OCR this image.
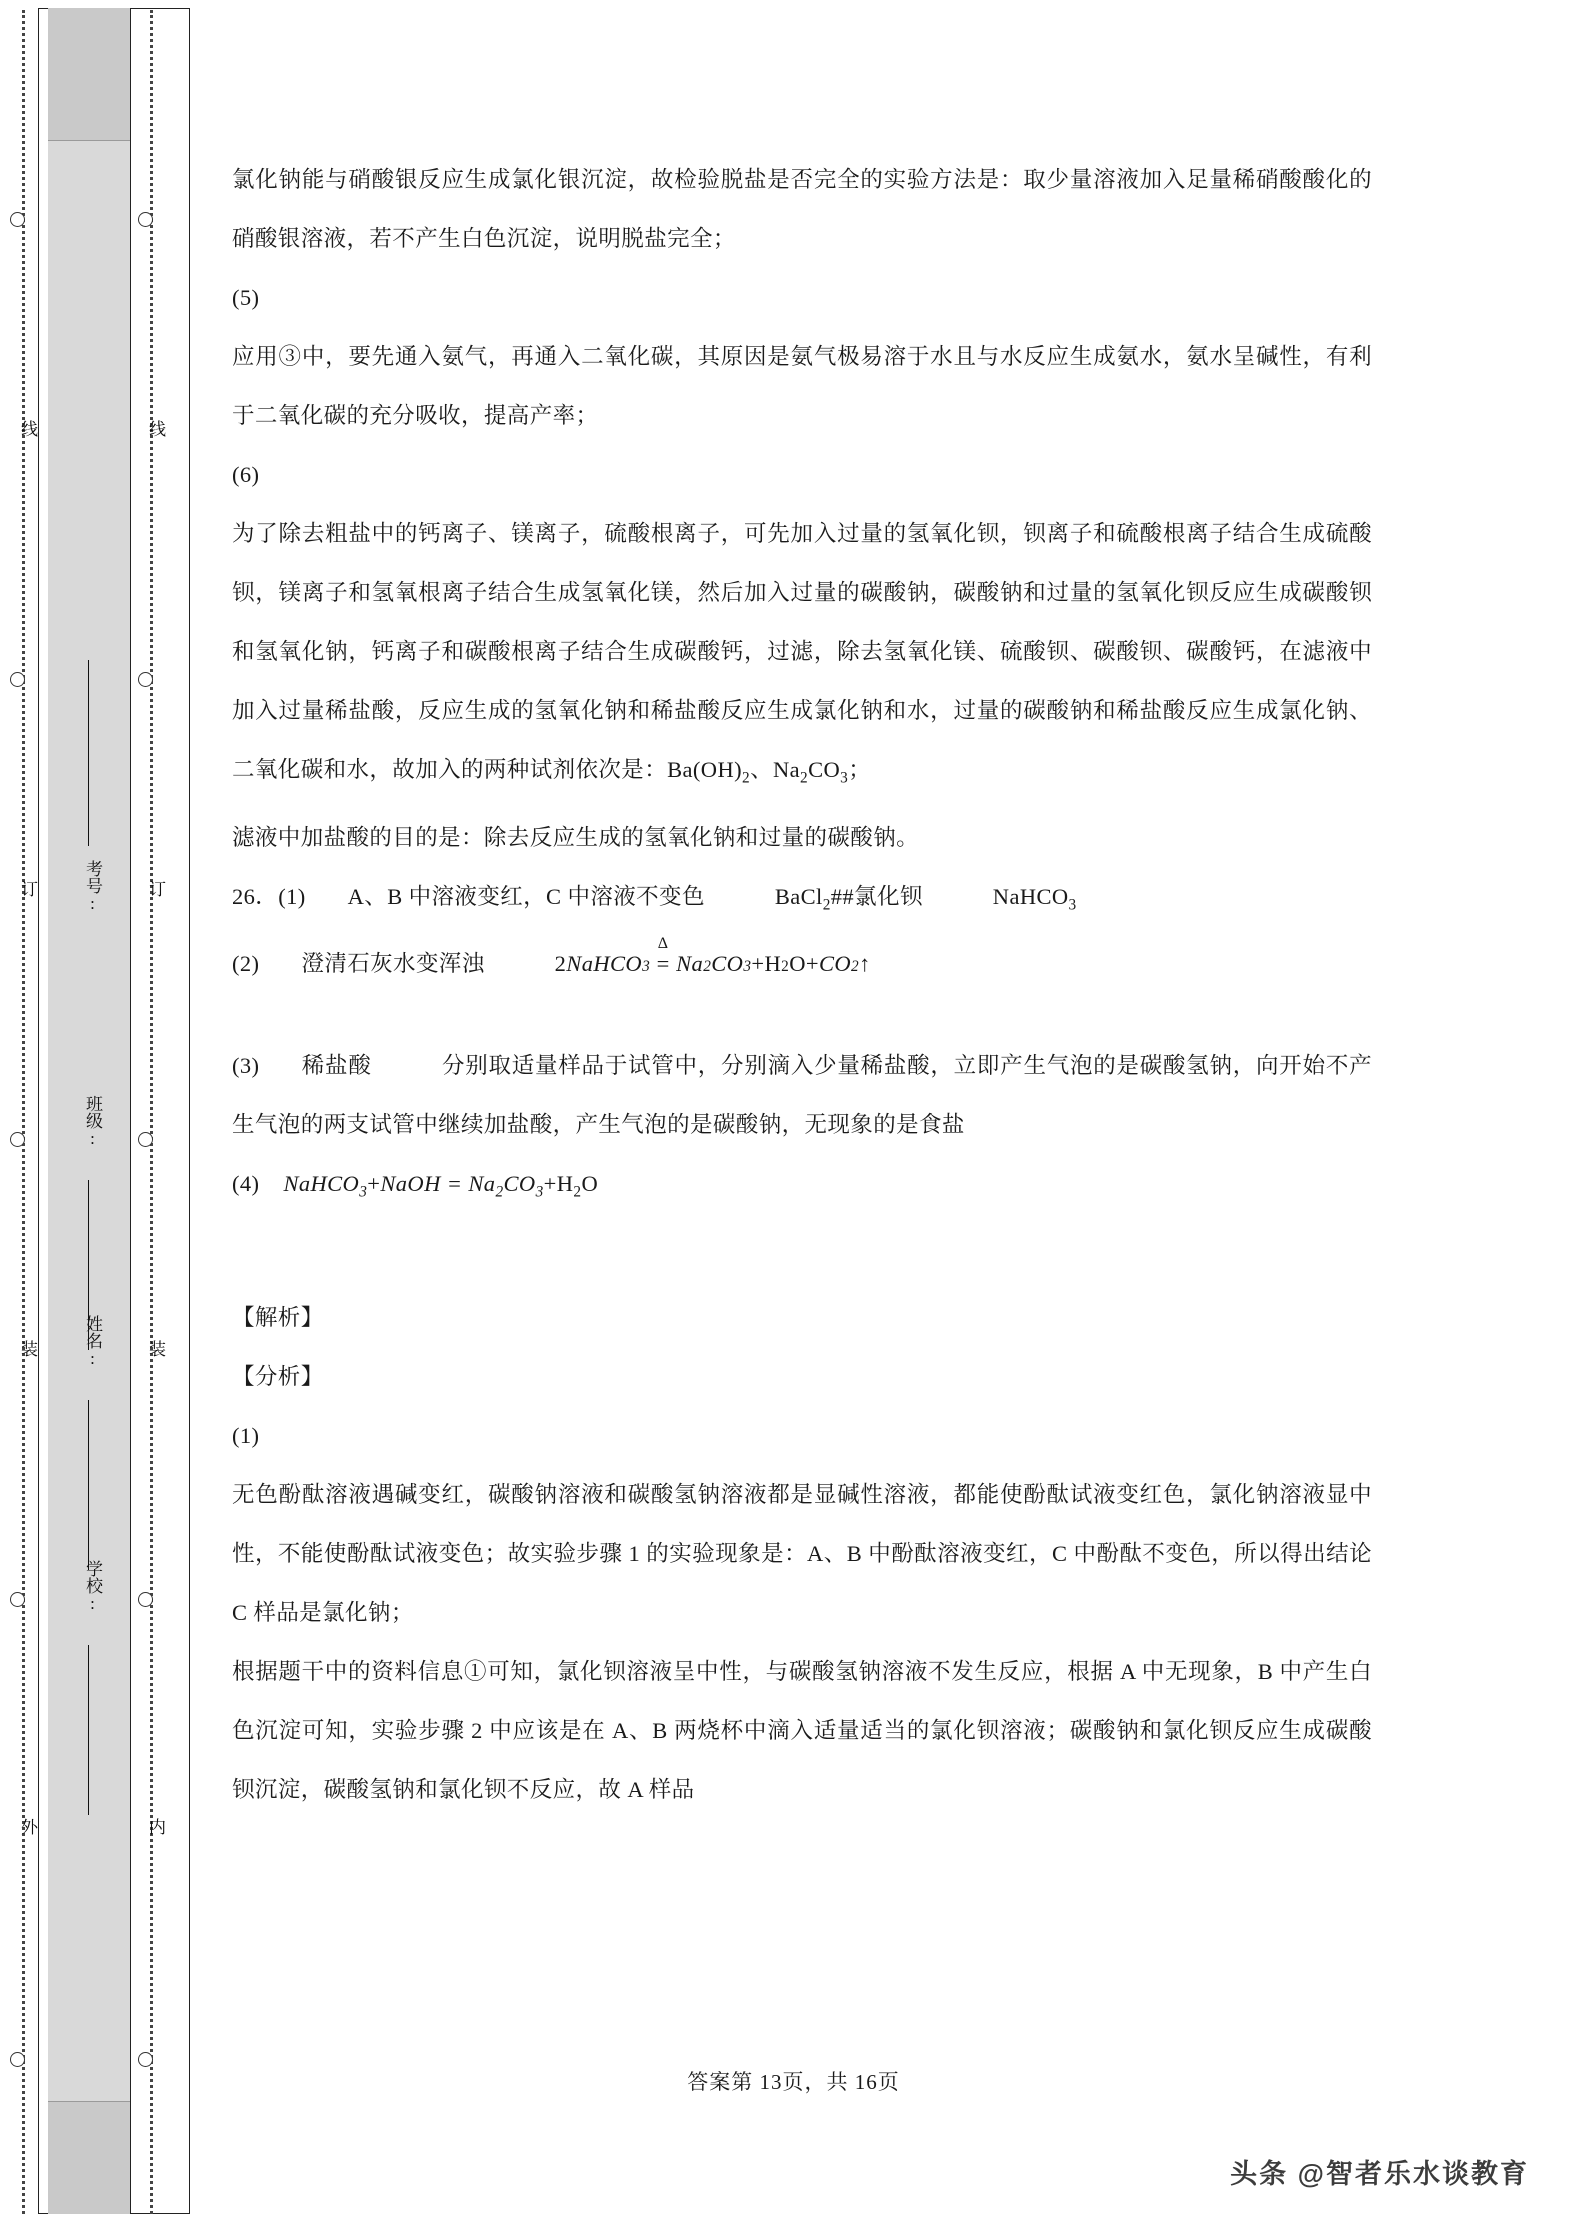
线
订
装
外
线
订
装
内
考号:
班级:
姓名:
学校:

氯化钠能与硝酸银反应生成氯化银沉淀，故检验脱盐是否完全的实验方法是：取少量溶液加入足量稀硝酸酸化的硝酸银溶液，若不产生白色沉淀，说明脱盐完全；

(5)

应用③中，要先通入氨气，再通入二氧化碳，其原因是氨气极易溶于水且与水反应生成氨水，氨水呈碱性，有利于二氧化碳的充分吸收，提高产率；

(6)

为了除去粗盐中的钙离子、镁离子，硫酸根离子，可先加入过量的氢氧化钡，钡离子和硫酸根离子结合生成硫酸钡，镁离子和氢氧根离子结合生成氢氧化镁，然后加入过量的碳酸钠，碳酸钠和过量的氢氧化钡反应生成碳酸钡和氢氧化钠，钙离子和碳酸根离子结合生成碳酸钙，过滤，除去氢氧化镁、硫酸钡、碳酸钡、碳酸钙，在滤液中加入过量稀盐酸，反应生成的氢氧化钠和稀盐酸反应生成氯化钠和水，过量的碳酸钠和稀盐酸反应生成氯化钠、二氧化碳和水，故加入的两种试剂依次是：$Ba(OH)_2$、$Na_2CO_3$；

滤液中加盐酸的目的是：除去反应生成的氢氧化钠和过量的碳酸钠。

26．(1) A、B 中溶液变红，C 中溶液不变色	BaCl$_2$##氯化钡	NaHCO$_3$

(2) 澄清石灰水变浑浊	2 NaHCO 3
Δ
= Na 2 CO 3 +H 2 O + CO 2 ↑

(3) 稀盐酸	分别取适量样品于试管中，分别滴入少量稀盐酸，立即产生气泡的是碳酸氢钠，向开始不产生气泡的两支试管中继续加盐酸，产生气泡的是碳酸钠，无现象的是食盐

(4) NaHCO$_3$+NaOH = $Na_2CO_3+H_2O$

【解析】

【分析】

(1)

无色酚酞溶液遇碱变红，碳酸钠溶液和碳酸氢钠溶液都是显碱性溶液，都能使酚酞试液变红色，氯化钠溶液显中性，不能使酚酞试液变色；故实验步骤 1 的实验现象是：A、B 中酚酞溶液变红，C 中酚酞不变色，所以得出结论 C 样品是氯化钠；

根据题干中的资料信息①可知，氯化钡溶液呈中性，与碳酸氢钠溶液不发生反应，根据 A 中无现象，B 中产生白色沉淀可知，实验步骤 2 中应该是在 A、B 两烧杯中滴入适量适当的氯化钡溶液；碳酸钠和氯化钡反应生成碳酸钡沉淀，碳酸氢钠和氯化钡不反应，故 A 样品

答案第 13页，共 16页
头条 @智者乐水谈教育
